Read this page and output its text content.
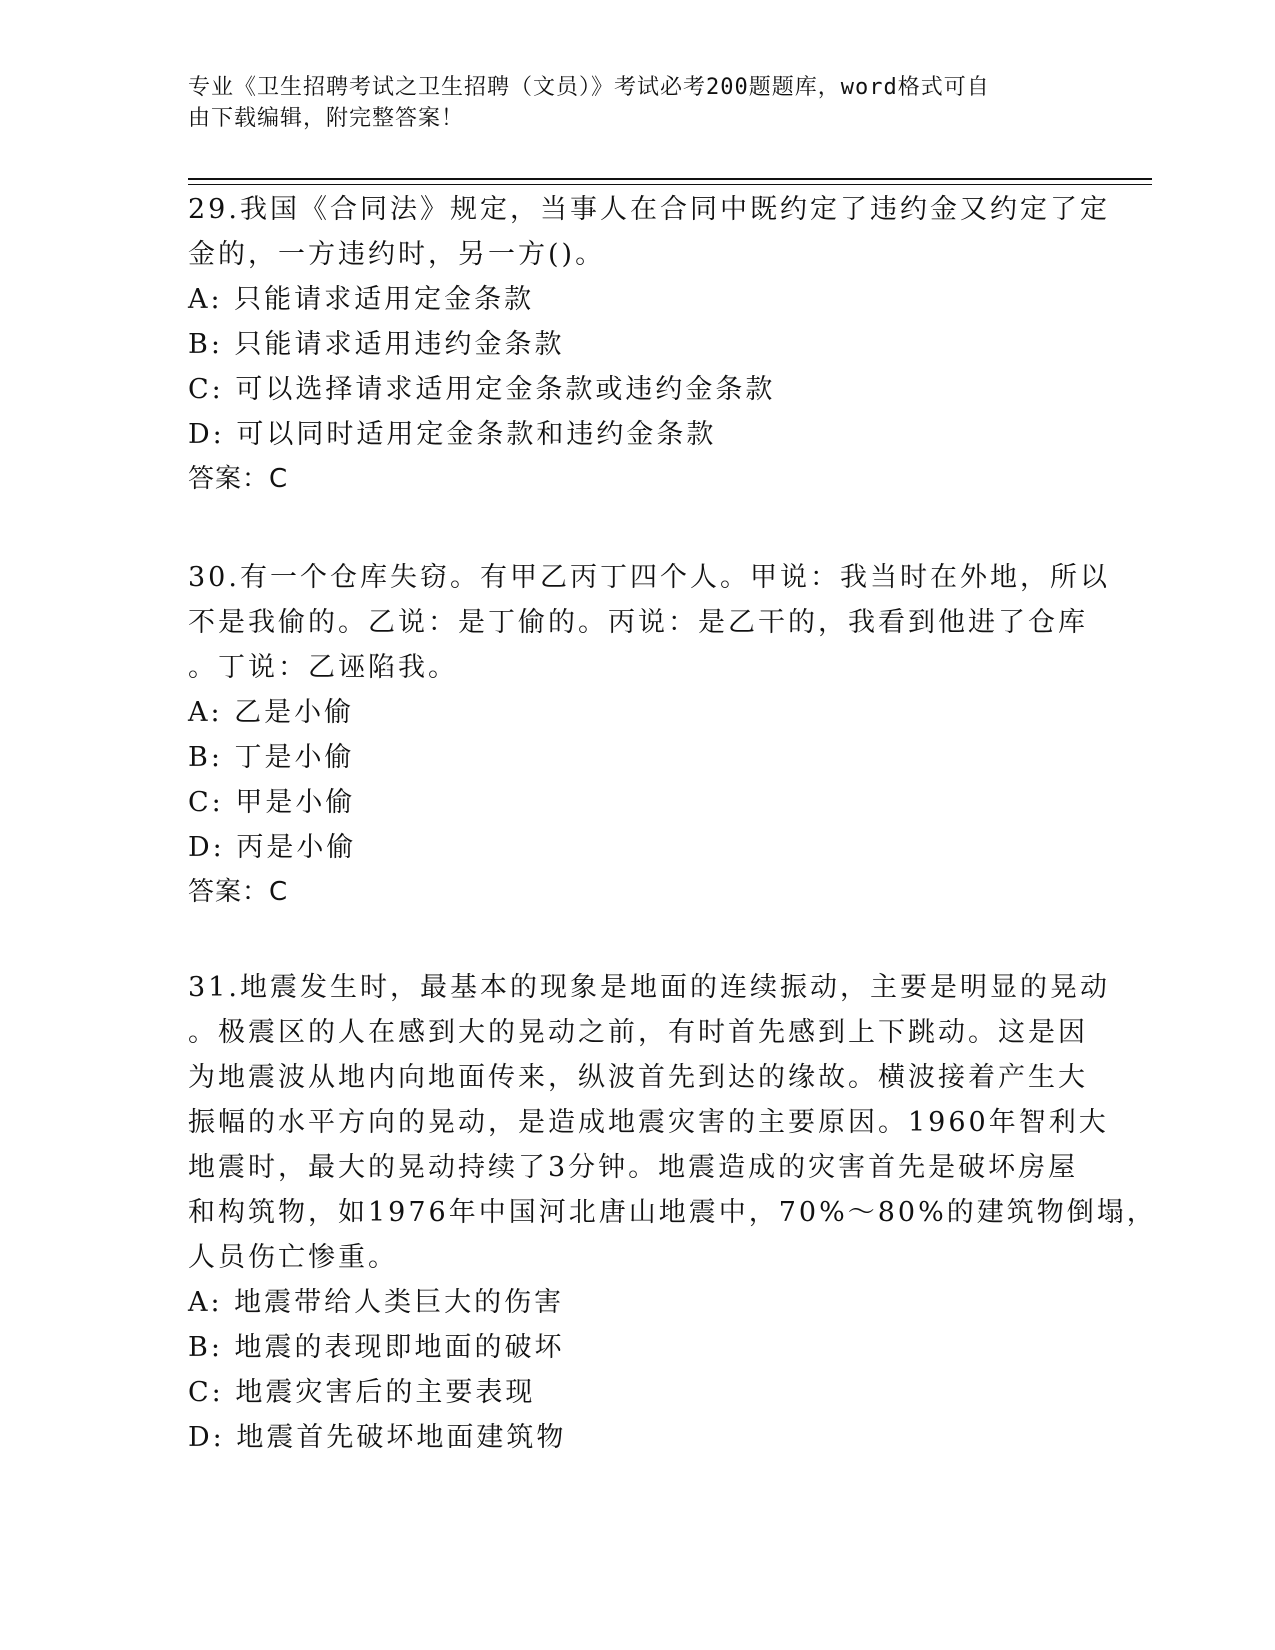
专业《卫生招聘考试之卫生招聘（文员）》考试必考200题题库，word格式可自
由下载编辑，附完整答案！
29.我国《合同法》规定，当事人在合同中既约定了违约金又约定了定
金的，一方违约时，另一方()。
A: 只能请求适用定金条款
B: 只能请求适用违约金条款
C: 可以选择请求适用定金条款或违约金条款
D: 可以同时适用定金条款和违约金条款
答案：C
30.有一个仓库失窃。有甲乙丙丁四个人。甲说：我当时在外地，所以
不是我偷的。乙说：是丁偷的。丙说：是乙干的，我看到他进了仓库
。丁说：乙诬陷我。
A: 乙是小偷
B: 丁是小偷
C: 甲是小偷
D: 丙是小偷
答案：C
31.地震发生时，最基本的现象是地面的连续振动，主要是明显的晃动
。极震区的人在感到大的晃动之前，有时首先感到上下跳动。这是因
为地震波从地内向地面传来，纵波首先到达的缘故。横波接着产生大
振幅的水平方向的晃动，是造成地震灾害的主要原因。1960年智利大
地震时，最大的晃动持续了3分钟。地震造成的灾害首先是破坏房屋
和构筑物，如1976年中国河北唐山地震中，70%～80%的建筑物倒塌，
人员伤亡惨重。
A: 地震带给人类巨大的伤害
B: 地震的表现即地面的破坏
C: 地震灾害后的主要表现
D: 地震首先破坏地面建筑物
